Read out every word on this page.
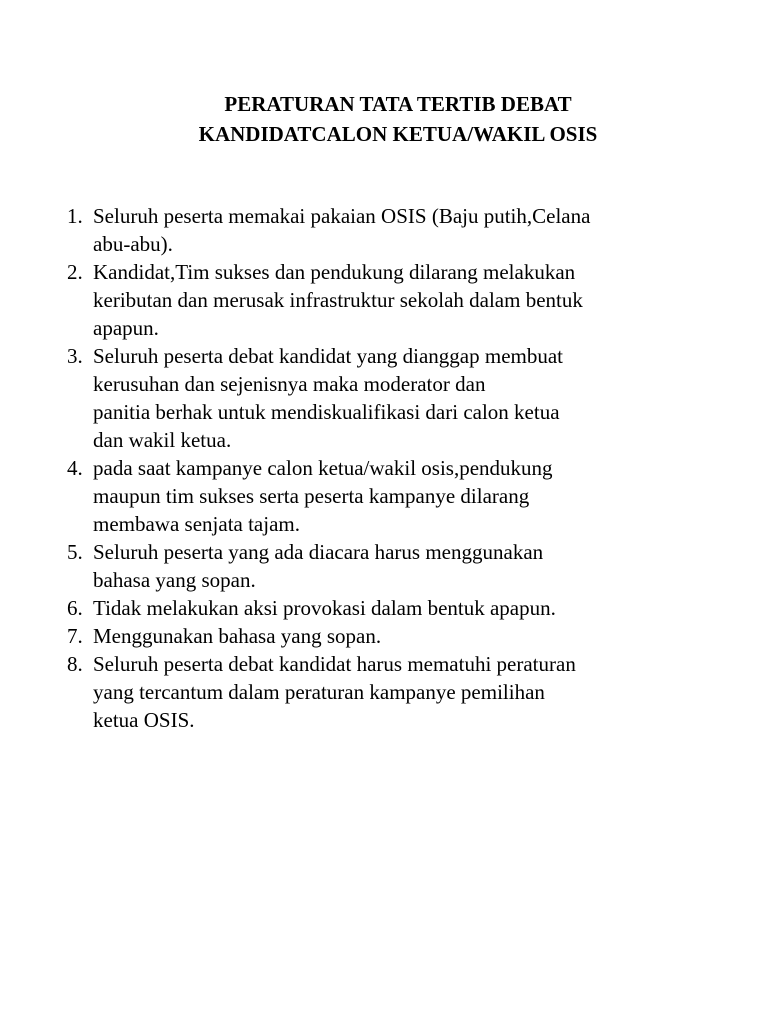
PERATURAN TATA TERTIB DEBAT
KANDIDATCALON KETUA/WAKIL OSIS
1. Seluruh peserta memakai pakaian OSIS (Baju putih,Celana
abu-abu).
2. Kandidat,Tim sukses dan pendukung dilarang melakukan
keributan dan merusak infrastruktur sekolah dalam bentuk
apapun.
3. Seluruh peserta debat kandidat yang dianggap membuat
kerusuhan dan sejenisnya maka moderator dan
panitia berhak untuk mendiskualifikasi dari calon ketua
dan wakil ketua.
4. pada saat kampanye calon ketua/wakil osis,pendukung
maupun tim sukses serta peserta kampanye dilarang
membawa senjata tajam.
5. Seluruh peserta yang ada diacara harus menggunakan
bahasa yang sopan.
6. Tidak melakukan aksi provokasi dalam bentuk apapun.
7. Menggunakan bahasa yang sopan.
8. Seluruh peserta debat kandidat harus mematuhi peraturan
yang tercantum dalam peraturan kampanye pemilihan
ketua OSIS.
